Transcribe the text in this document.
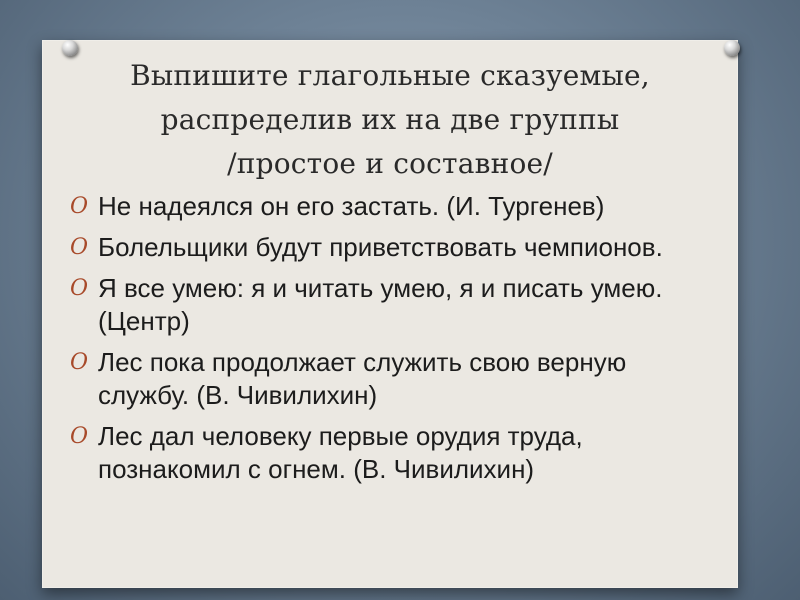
Выпишите глагольные сказуемые,
распределив их на две группы
/простое и составное/
O Не надеялся он его застать. (И. Тургенев)
O Болельщики будут приветствовать чемпионов.
O Я все умею: я и читать умею, я и писать умею. (Центр)
O Лес пока продолжает служить свою верную службу. (В. Чивилихин)
O Лес дал человеку первые орудия труда, познакомил с огнем. (В. Чивилихин)
